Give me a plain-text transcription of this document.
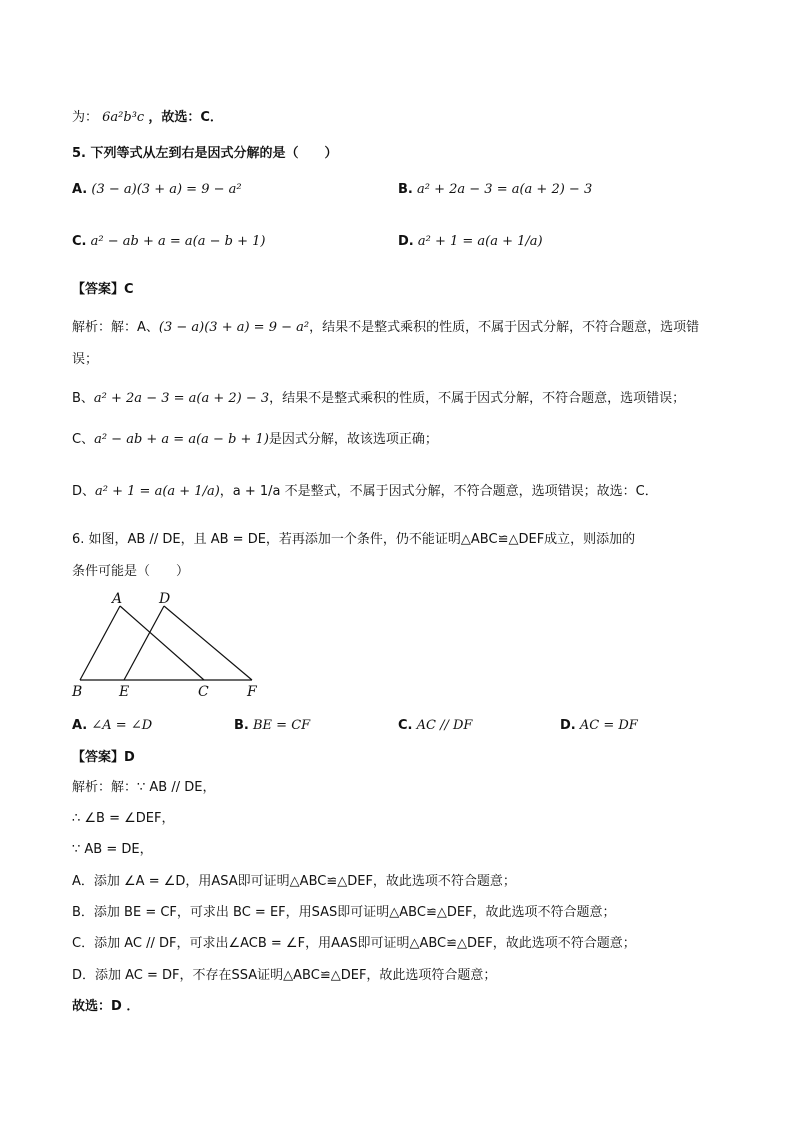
为： 6a²b³c ，故选：C．
5. 下列等式从左到右是因式分解的是（　　）
A. (3 − a)(3 + a) = 9 − a²	B. a² + 2a − 3 = a(a + 2) − 3
C. a² − ab + a = a(a − b + 1)	D. a² + 1 = a(a + 1/a)
【答案】C
解析：解：A、(3 − a)(3 + a) = 9 − a²，结果不是整式乘积的性质，不属于因式分解，不符合题意，选项错
误；
B、a² + 2a − 3 = a(a + 2) − 3，结果不是整式乘积的性质，不属于因式分解，不符合题意，选项错误；
C、a² − ab + a = a(a − b + 1)是因式分解，故该选项正确；
D、a² + 1 = a(a + 1/a)，a + 1/a 不是整式，不属于因式分解，不符合题意，选项错误；故选：C．
6. 如图，AB // DE，且 AB = DE，若再添加一个条件，仍不能证明△ABC≌△DEF成立，则添加的
条件可能是（　　）
A	D
B	E	C	F
A. ∠A = ∠D	B. BE = CF	C. AC // DF	D. AC = DF
【答案】D
解析：解：∵ AB // DE，
∴ ∠B = ∠DEF，
∵ AB = DE，
A．添加 ∠A = ∠D，用ASA即可证明△ABC≌△DEF，故此选项不符合题意；
B．添加 BE = CF，可求出 BC = EF，用SAS即可证明△ABC≌△DEF，故此选项不符合题意；
C．添加 AC // DF，可求出∠ACB = ∠F，用AAS即可证明△ABC≌△DEF，故此选项不符合题意；
D．添加 AC = DF，不存在SSA证明△ABC≌△DEF，故此选项符合题意；
故选：D ．
